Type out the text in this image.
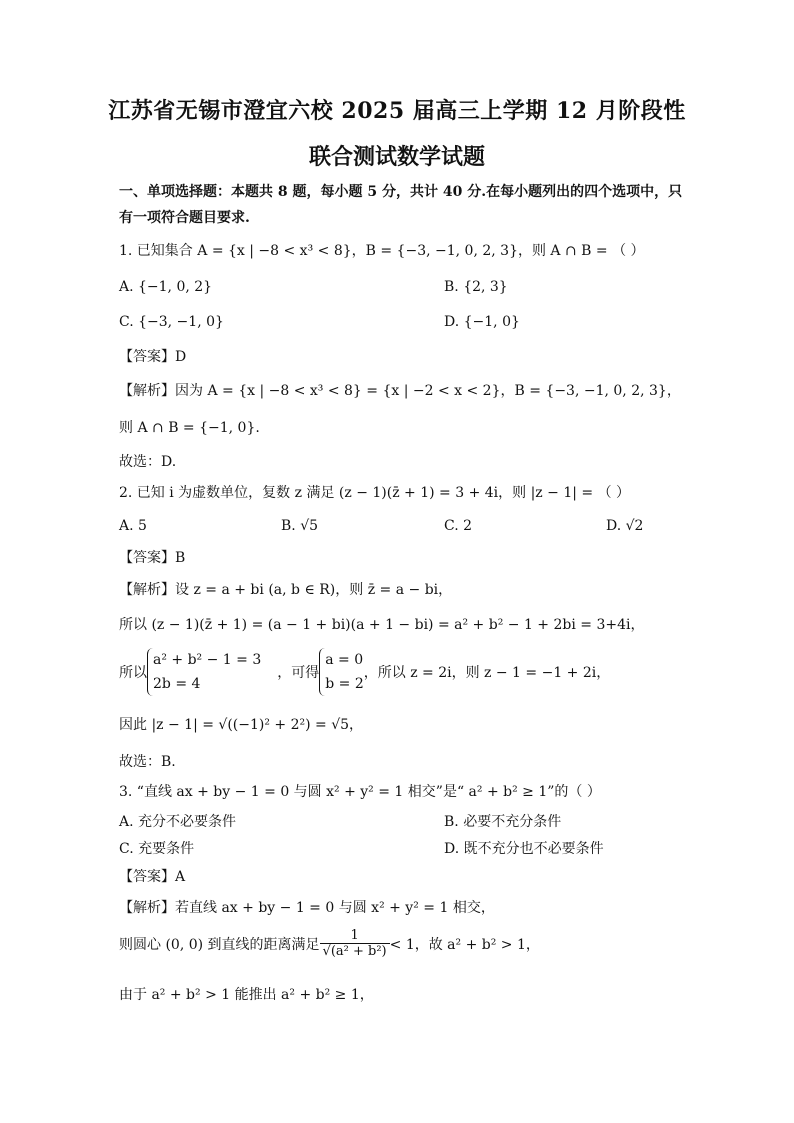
江苏省无锡市澄宜六校 2025 届高三上学期 12 月阶段性
联合测试数学试题
一、单项选择题：本题共 8 题，每小题 5 分，共计 40 分.在每小题列出的四个选项中，只
有一项符合题目要求.
1. 已知集合 A = {x | −8 < x³ < 8}，B = {−3, −1, 0, 2, 3}，则 A ∩ B = （ ）
A. {−1, 0, 2}	B. {2, 3}
C. {−3, −1, 0}	D. {−1, 0}
【答案】D
【解析】因为 A = {x | −8 < x³ < 8} = {x | −2 < x < 2}，B = {−3, −1, 0, 2, 3}，
则 A ∩ B = {−1, 0}.
故选：D.
2. 已知 i 为虚数单位，复数 z 满足 (z − 1)(z̄ + 1) = 3 + 4i，则 |z − 1| = （ ）
A. 5	B. √5	C. 2	D. √2
【答案】B
【解析】设 z = a + bi (a, b ∈ R)，则 z̄ = a − bi，
所以 (z − 1)(z̄ + 1) = (a − 1 + bi)(a + 1 − bi) = a² + b² − 1 + 2bi = 3+4i，
所以
a² + b² − 1 = 3
2b = 4
，可得
a = 0
b = 2
，所以 z = 2i，则 z − 1 = −1 + 2i，
因此 |z − 1| = √((−1)² + 2²) = √5，
故选：B.
3. “直线 ax + by − 1 = 0 与圆 x² + y² = 1 相交”是“ a² + b² ≥ 1”的（ ）
A. 充分不必要条件	B. 必要不充分条件
C. 充要条件	D. 既不充分也不必要条件
【答案】A
【解析】若直线 ax + by − 1 = 0 与圆 x² + y² = 1 相交，
则圆心 (0, 0) 到直线的距离满足 $\frac{1}{\text{√(a² + b²)}} < 1$，故 a² + b² > 1，
由于 a² + b² > 1 能推出 a² + b² ≥ 1，
